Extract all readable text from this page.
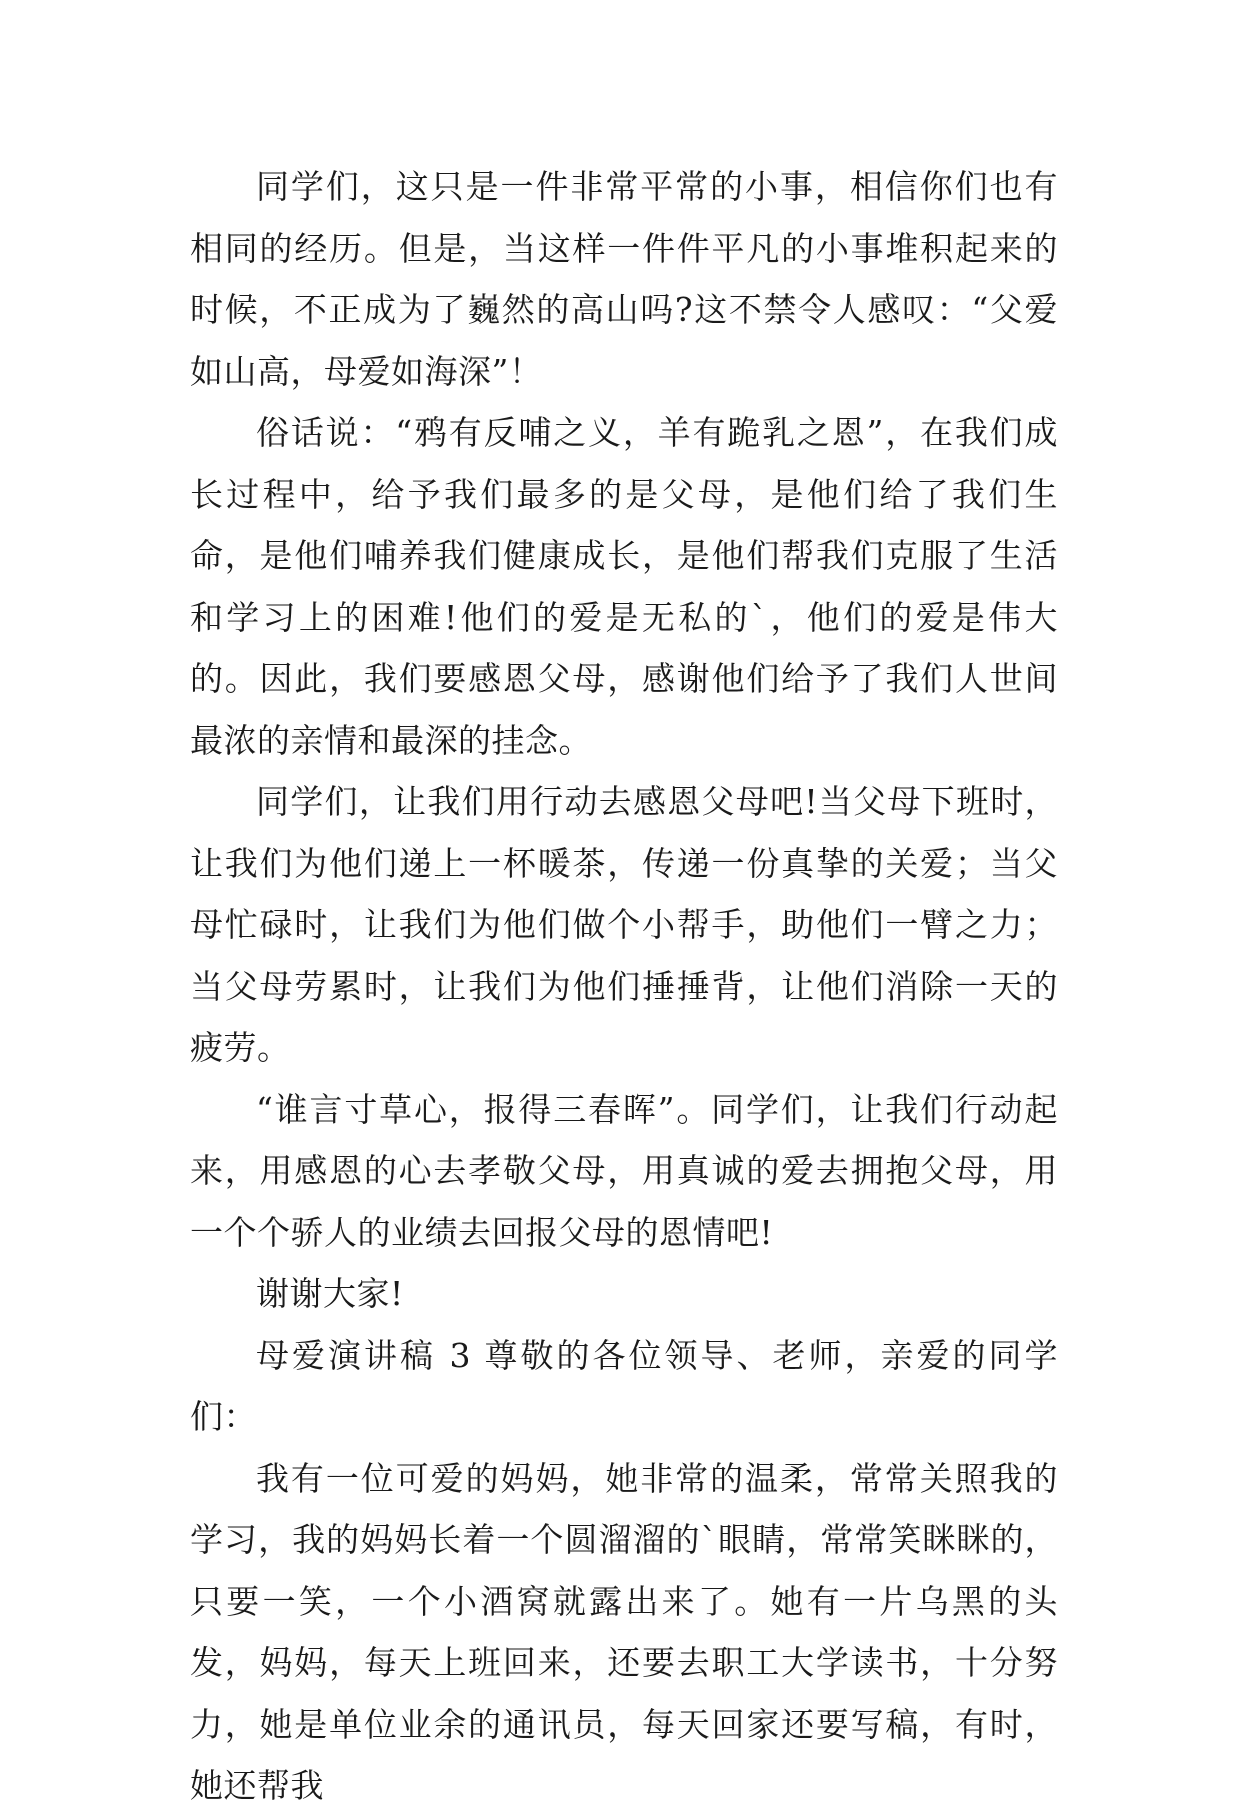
同学们，这只是一件非常平常的小事，相信你们也有相同的经历。但是，当这样一件件平凡的小事堆积起来的时候，不正成为了巍然的高山吗?这不禁令人感叹：“父爱如山高，母爱如海深”！

俗话说：“鸦有反哺之义，羊有跪乳之恩”，在我们成长过程中，给予我们最多的是父母，是他们给了我们生命，是他们哺养我们健康成长，是他们帮我们克服了生活和学习上的困难!他们的爱是无私的`，他们的爱是伟大的。因此，我们要感恩父母，感谢他们给予了我们人世间最浓的亲情和最深的挂念。

同学们，让我们用行动去感恩父母吧!当父母下班时，让我们为他们递上一杯暖茶，传递一份真挚的关爱；当父母忙碌时，让我们为他们做个小帮手，助他们一臂之力；当父母劳累时，让我们为他们捶捶背，让他们消除一天的疲劳。

“谁言寸草心，报得三春晖”。同学们，让我们行动起来，用感恩的心去孝敬父母，用真诚的爱去拥抱父母，用一个个骄人的业绩去回报父母的恩情吧!

谢谢大家!

母爱演讲稿 3 尊敬的各位领导、老师，亲爱的同学们：

我有一位可爱的妈妈，她非常的温柔，常常关照我的学习，我的妈妈长着一个圆溜溜的`眼睛，常常笑眯眯的，只要一笑，一个小酒窝就露出来了。她有一片乌黑的头发，妈妈，每天上班回来，还要去职工大学读书，十分努力，她是单位业余的通讯员，每天回家还要写稿，有时，她还帮我
